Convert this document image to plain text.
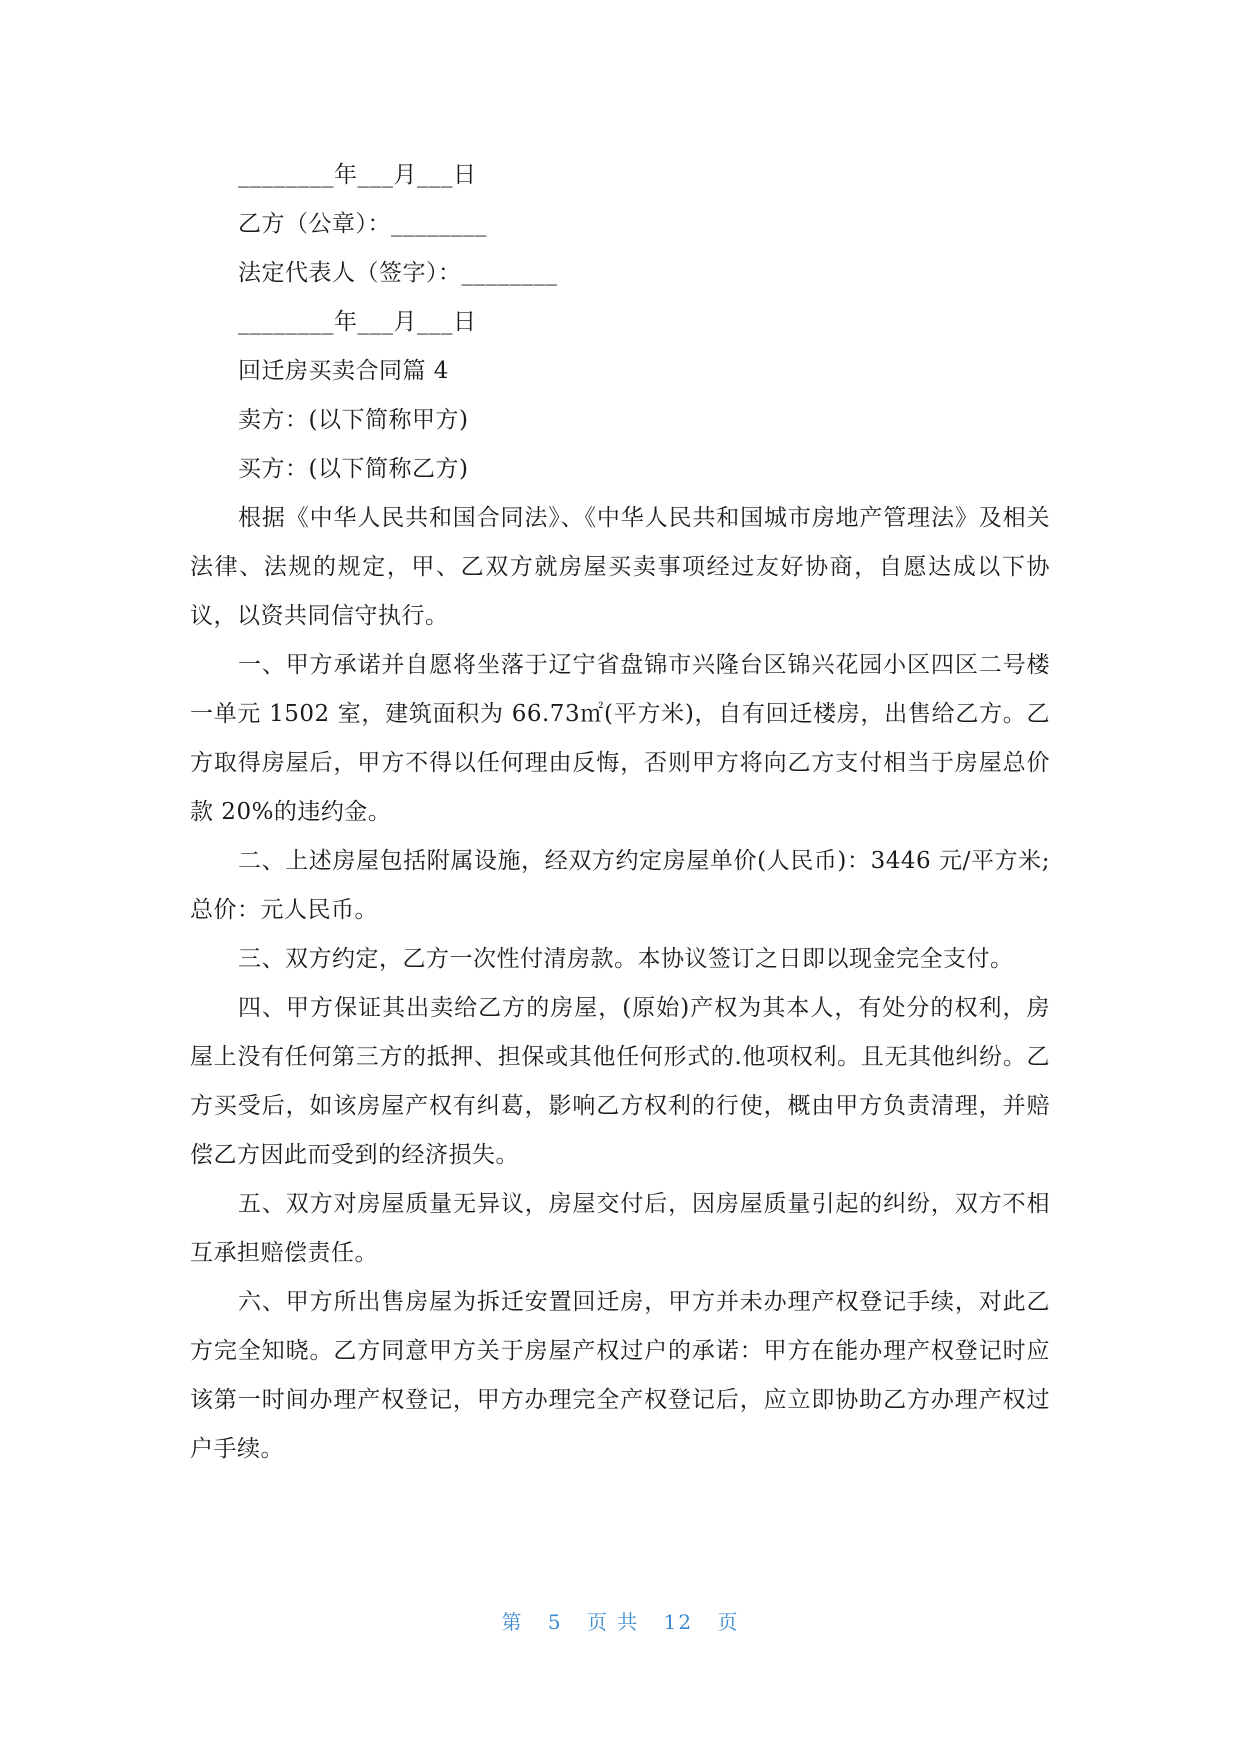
________年___月___日
乙方（公章）：________
法定代表人（签字）：________
________年___月___日
回迁房买卖合同篇 4
卖方：(以下简称甲方)
买方：(以下简称乙方)

根据《中华人民共和国合同法》、《中华人民共和国城市房地产管理法》及相关法律、法规的规定，甲、乙双方就房屋买卖事项经过友好协商，自愿达成以下协议，以资共同信守执行。

一、甲方承诺并自愿将坐落于辽宁省盘锦市兴隆台区锦兴花园小区四区二号楼一单元 1502 室，建筑面积为 66.73㎡(平方米)，自有回迁楼房，出售给乙方。乙方取得房屋后，甲方不得以任何理由反悔，否则甲方将向乙方支付相当于房屋总价款 20%的违约金。

二、上述房屋包括附属设施，经双方约定房屋单价(人民币)：3446 元/平方米;总价：元人民币。

三、双方约定，乙方一次性付清房款。本协议签订之日即以现金完全支付。

四、甲方保证其出卖给乙方的房屋，(原始)产权为其本人，有处分的权利，房屋上没有任何第三方的抵押、担保或其他任何形式的.他项权利。且无其他纠纷。乙方买受后，如该房屋产权有纠葛，影响乙方权利的行使，概由甲方负责清理，并赔偿乙方因此而受到的经济损失。

五、双方对房屋质量无异议，房屋交付后，因房屋质量引起的纠纷，双方不相互承担赔偿责任。

六、甲方所出售房屋为拆迁安置回迁房，甲方并未办理产权登记手续，对此乙方完全知晓。乙方同意甲方关于房屋产权过户的承诺：甲方在能办理产权登记时应该第一时间办理产权登记，甲方办理完全产权登记后，应立即协助乙方办理产权过户手续。

第 5 页 共 12 页
